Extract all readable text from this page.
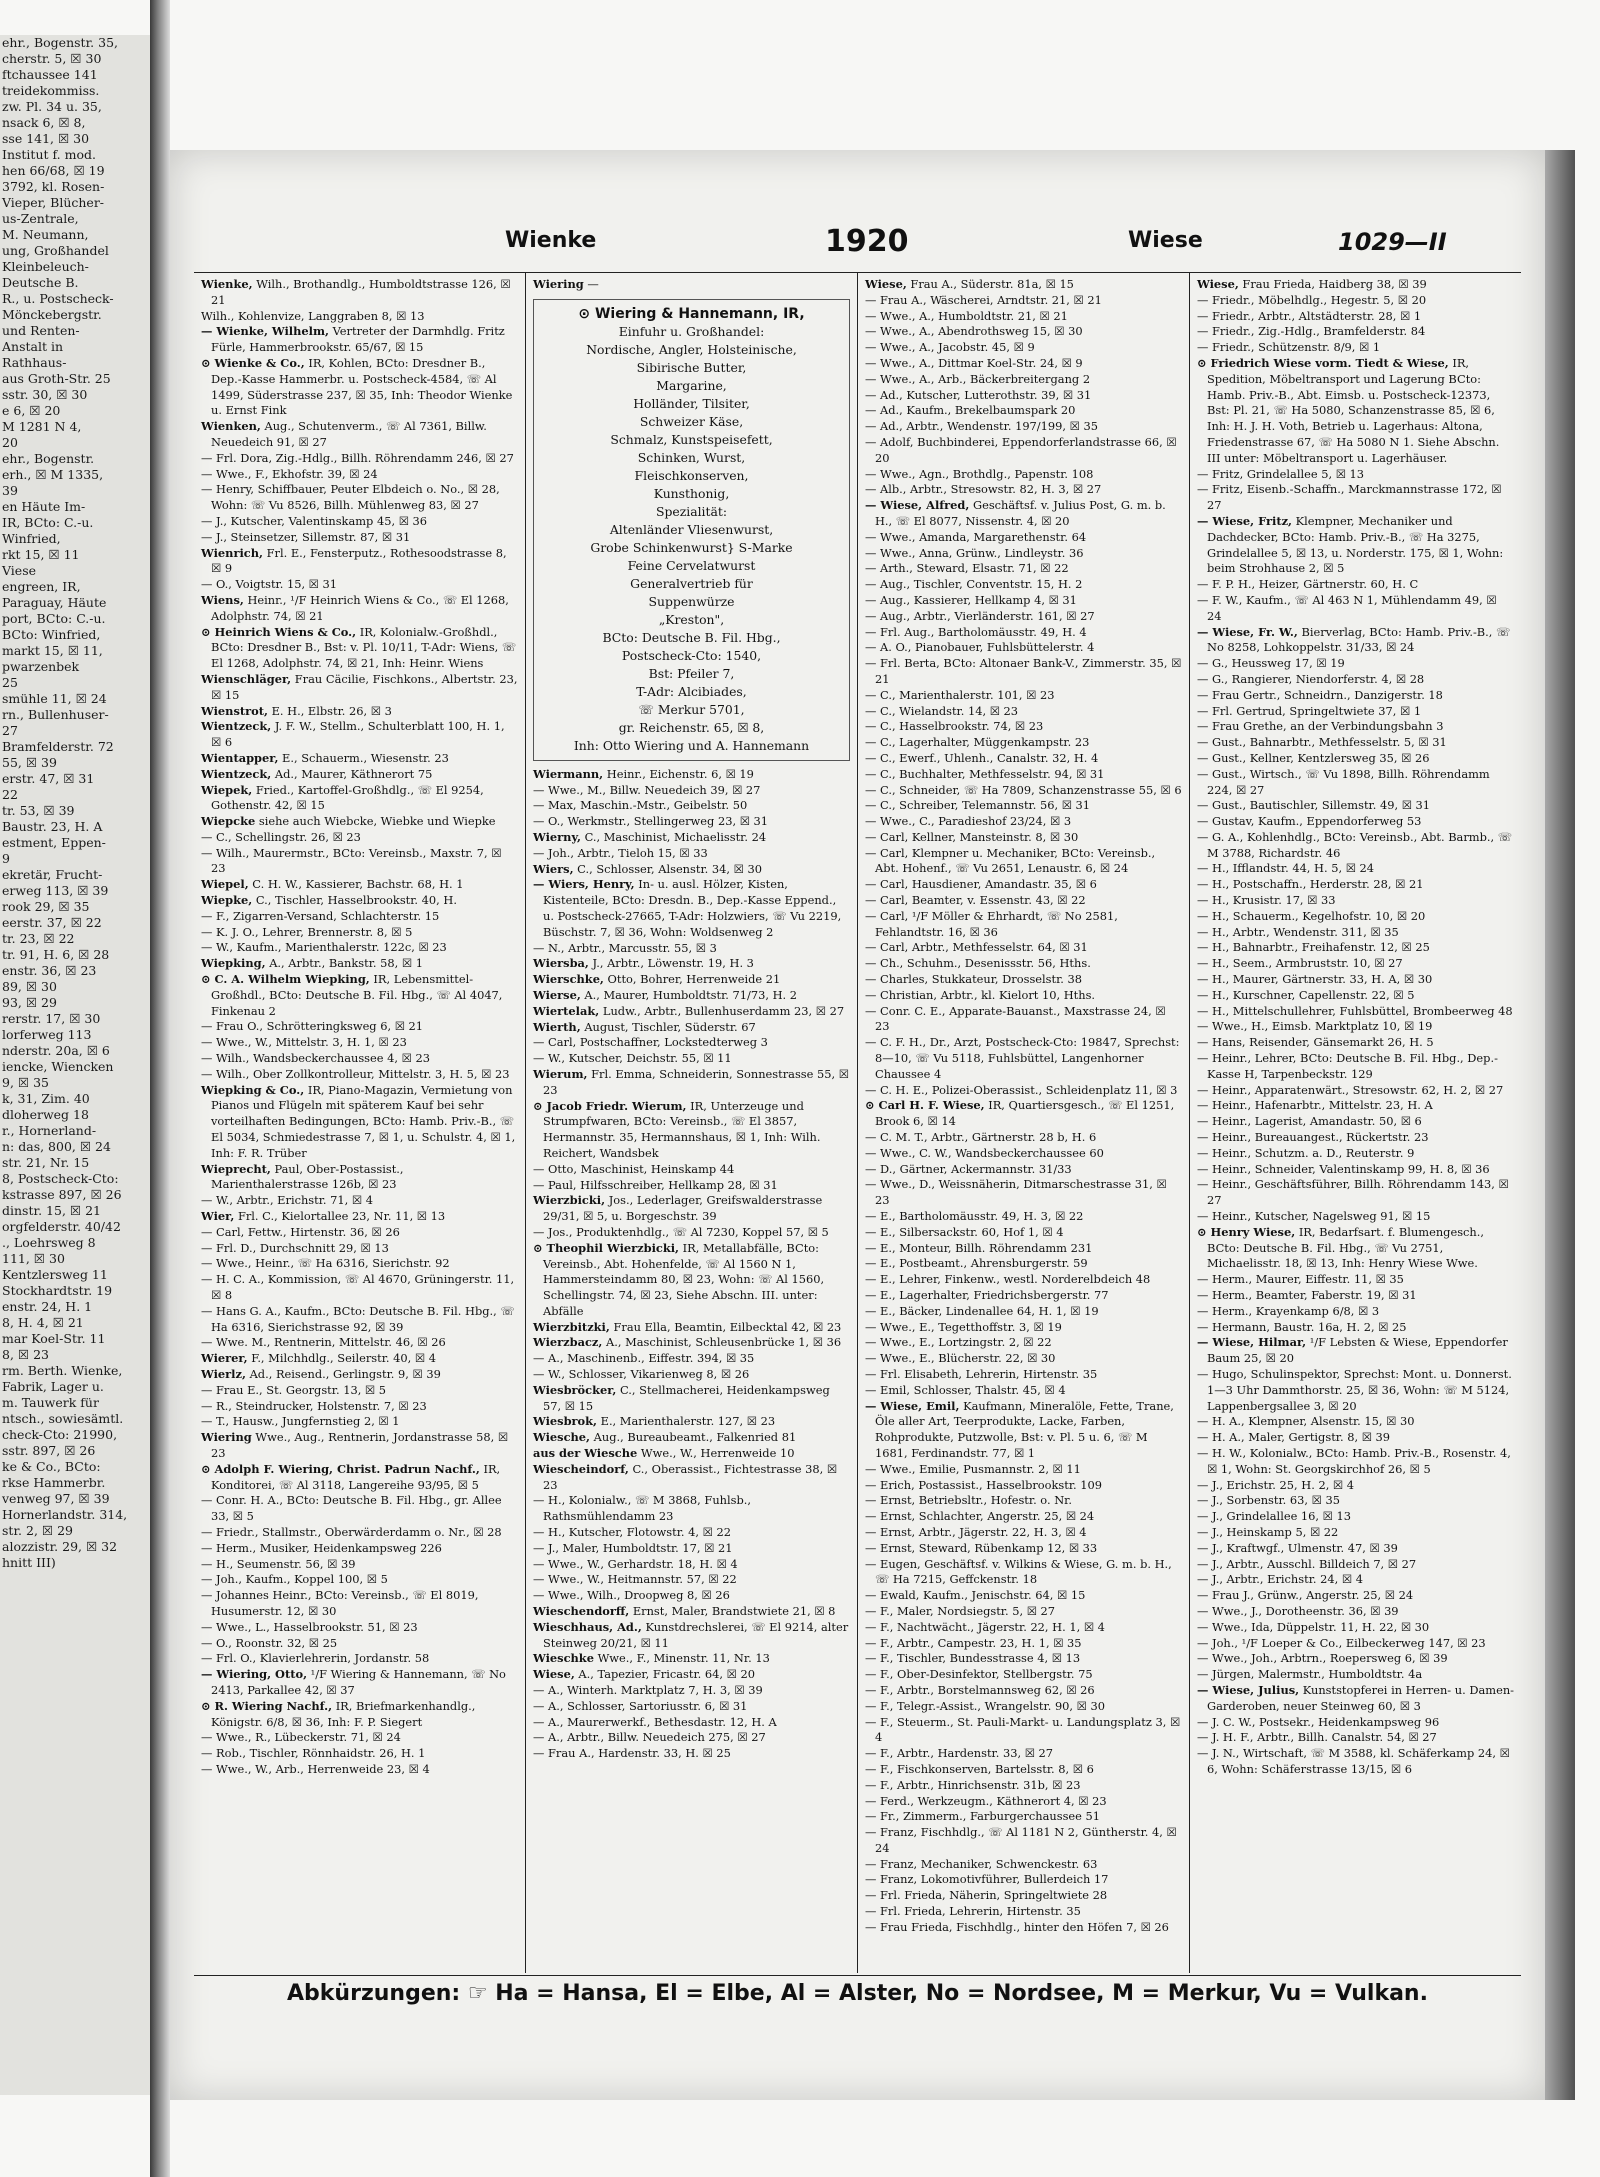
ehr., Bogenstr. 35,
cherstr. 5, ☒ 30
ftchaussee 141
treidekommiss.
zw. Pl. 34 u. 35,
nsack 6, ☒ 8,
sse 141, ☒ 30
Institut f. mod.
hen 66/68, ☒ 19
3792, kl. Rosen-
Vieper, Blücher-
us-Zentrale,
M. Neumann,
ung, Großhandel
Kleinbeleuch-
Deutsche B.
R., u. Postscheck-
Mönckebergstr.
und Renten-
Anstalt in
Rathhaus-
aus Groth-Str. 25
sstr. 30, ☒ 30
e 6, ☒ 20
M 1281 N 4,
20
ehr., Bogenstr.
erh., ☒ M 1335,
39
en Häute Im-
IR, BCto: C.-u.
Winfried,
rkt 15, ☒ 11
Viese
engreen, IR,
Paraguay, Häute
port, BCto: C.-u.
BCto: Winfried,
markt 15, ☒ 11,
pwarzenbek
25
smühle 11, ☒ 24
rn., Bullenhuser-
27
Bramfelderstr. 72
55, ☒ 39
erstr. 47, ☒ 31
22
tr. 53, ☒ 39
Baustr. 23, H. A
estment, Eppen-
9
ekretär, Frucht-
erweg 113, ☒ 39
rook 29, ☒ 35
eerstr. 37, ☒ 22
tr. 23, ☒ 22
tr. 91, H. 6, ☒ 28
enstr. 36, ☒ 23
89, ☒ 30
93, ☒ 29
rerstr. 17, ☒ 30
lorferweg 113
nderstr. 20a, ☒ 6
iencke, Wiencken
9, ☒ 35
k, 31, Zim. 40
dloherweg 18
r., Hornerland-
n: das, 800, ☒ 24
str. 21, Nr. 15
8, Postscheck-Cto:
kstrasse 897, ☒ 26
dinstr. 15, ☒ 21
orgfelderstr. 40/42
., Loehrsweg 8
111, ☒ 30
Kentzlersweg 11
Stockhardtstr. 19
enstr. 24, H. 1
8, H. 4, ☒ 21
mar Koel-Str. 11
8, ☒ 23
rm. Berth. Wienke,
Fabrik, Lager u.
m. Tauwerk für
ntsch., sowiesämtl.
check-Cto: 21990,
sstr. 897, ☒ 26
ke & Co., BCto:
rkse Hammerbr.
venweg 97, ☒ 39
Hornerlandstr. 314,
str. 2, ☒ 29
alozzistr. 29, ☒ 32
hnitt III)
Wienke	1920	Wiese	1029—II

Wienke, Wilh., Brothandlg., Humboldtstrasse 126, ☒ 21

Wilh., Kohlenvize, Langgraben 8, ☒ 13

— Wienke, Wilhelm, Vertreter der Darmhdlg. Fritz Fürle, Hammerbrookstr. 65/67, ☒ 15

⊙ Wienke & Co., IR, Kohlen, BCto: Dresdner B., Dep.-Kasse Hammerbr. u. Postscheck-4584, ☏ Al 1499, Süderstrasse 237, ☒ 35, Inh: Theodor Wienke u. Ernst Fink

Wienken, Aug., Schutenverm., ☏ Al 7361, Billw. Neuedeich 91, ☒ 27

— Frl. Dora, Zig.-Hdlg., Billh. Röhrendamm 246, ☒ 27

— Wwe., F., Ekhofstr. 39, ☒ 24

— Henry, Schiffbauer, Peuter Elbdeich o. No., ☒ 28, Wohn: ☏ Vu 8526, Billh. Mühlenweg 83, ☒ 27

— J., Kutscher, Valentinskamp 45, ☒ 36

— J., Steinsetzer, Sillemstr. 87, ☒ 31

Wienrich, Frl. E., Fensterputz., Rothesoodstrasse 8, ☒ 9

— O., Voigtstr. 15, ☒ 31

Wiens, Heinr., ¹/F Heinrich Wiens & Co., ☏ El 1268, Adolphstr. 74, ☒ 21

⊙ Heinrich Wiens & Co., IR, Kolonialw.-Großhdl., BCto: Dresdner B., Bst: v. Pl. 10/11, T-Adr: Wiens, ☏ El 1268, Adolphstr. 74, ☒ 21, Inh: Heinr. Wiens

Wienschläger, Frau Cäcilie, Fischkons., Albertstr. 23, ☒ 15

Wienstrot, E. H., Elbstr. 26, ☒ 3

Wientzeck, J. F. W., Stellm., Schulterblatt 100, H. 1, ☒ 6

Wientapper, E., Schauerm., Wiesenstr. 23

Wientzeck, Ad., Maurer, Käthnerort 75

Wiepek, Fried., Kartoffel-Großhdlg., ☏ El 9254, Gothenstr. 42, ☒ 15

Wiepcke siehe auch Wiebcke, Wiebke und Wiepke

— C., Schellingstr. 26, ☒ 23

— Wilh., Maurermstr., BCto: Vereinsb., Maxstr. 7, ☒ 23

Wiepel, C. H. W., Kassierer, Bachstr. 68, H. 1

Wiepke, C., Tischler, Hasselbrookstr. 40, H.

— F., Zigarren-Versand, Schlachterstr. 15

— K. J. O., Lehrer, Brennerstr. 8, ☒ 5

— W., Kaufm., Marienthalerstr. 122c, ☒ 23

Wiepking, A., Arbtr., Bankstr. 58, ☒ 1

⊙ C. A. Wilhelm Wiepking, IR, Lebensmittel-Großhdl., BCto: Deutsche B. Fil. Hbg., ☏ Al 4047, Finkenau 2

— Frau O., Schrötteringksweg 6, ☒ 21

— Wwe., W., Mittelstr. 3, H. 1, ☒ 23

— Wilh., Wandsbeckerchaussee 4, ☒ 23

— Wilh., Ober Zollkontrolleur, Mittelstr. 3, H. 5, ☒ 23

Wiepking & Co., IR, Piano-Magazin, Vermietung von Pianos und Flügeln mit späterem Kauf bei sehr vorteilhaften Bedingungen, BCto: Hamb. Priv.-B., ☏ El 5034, Schmiedestrasse 7, ☒ 1, u. Schulstr. 4, ☒ 1, Inh: F. R. Trüber

Wieprecht, Paul, Ober-Postassist., Marienthalerstrasse 126b, ☒ 23

— W., Arbtr., Erichstr. 71, ☒ 4

Wier, Frl. C., Kielortallee 23, Nr. 11, ☒ 13

— Carl, Fettw., Hirtenstr. 36, ☒ 26

— Frl. D., Durchschnitt 29, ☒ 13

— Wwe., Heinr., ☏ Ha 6316, Sierichstr. 92

— H. C. A., Kommission, ☏ Al 4670, Grüningerstr. 11, ☒ 8

— Hans G. A., Kaufm., BCto: Deutsche B. Fil. Hbg., ☏ Ha 6316, Sierichstrasse 92, ☒ 39

— Wwe. M., Rentnerin, Mittelstr. 46, ☒ 26

Wierer, F., Milchhdlg., Seilerstr. 40, ☒ 4

Wierlz, Ad., Reisend., Gerlingstr. 9, ☒ 39

— Frau E., St. Georgstr. 13, ☒ 5

— R., Steindrucker, Holstenstr. 7, ☒ 23

— T., Hausw., Jungfernstieg 2, ☒ 1

Wiering Wwe., Aug., Rentnerin, Jordanstrasse 58, ☒ 23

⊙ Adolph F. Wiering, Christ. Padrun Nachf., IR, Konditorei, ☏ Al 3118, Langereihe 93/95, ☒ 5

— Conr. H. A., BCto: Deutsche B. Fil. Hbg., gr. Allee 33, ☒ 5

— Friedr., Stallmstr., Oberwärderdamm o. Nr., ☒ 28

— Herm., Musiker, Heidenkampsweg 226

— H., Seumenstr. 56, ☒ 39

— Joh., Kaufm., Koppel 100, ☒ 5

— Johannes Heinr., BCto: Vereinsb., ☏ El 8019, Husumerstr. 12, ☒ 30

— Wwe., L., Hasselbrookstr. 51, ☒ 23

— O., Roonstr. 32, ☒ 25

— Frl. O., Klavierlehrerin, Jordanstr. 58

— Wiering, Otto, ¹/F Wiering & Hannemann, ☏ No 2413, Parkallee 42, ☒ 37

⊙ R. Wiering Nachf., IR, Briefmarkenhandlg., Königstr. 6/8, ☒ 36, Inh: F. P. Siegert

— Wwe., R., Lübeckerstr. 71, ☒ 24

— Rob., Tischler, Rönnhaidstr. 26, H. 1

— Wwe., W., Arb., Herrenweide 23, ☒ 4

Wiering —

⊙ Wiering & Hannemann, IR,
Einfuhr u. Großhandel:
Nordische, Angler, Holsteinische,
Sibirische Butter,
Margarine,
Holländer, Tilsiter,
Schweizer Käse,
Schmalz, Kunstspeisefett,
Schinken, Wurst,
Fleischkonserven,
Kunsthonig,
Spezialität:
Altenländer Vliesenwurst,
Grobe Schinkenwurst} S-Marke
Feine Cervelatwurst
Generalvertrieb für
Suppenwürze
„Kreston",
BCto: Deutsche B. Fil. Hbg.,
Postscheck-Cto: 1540,
Bst: Pfeiler 7,
T-Adr: Alcibiades,
☏ Merkur 5701,
gr. Reichenstr. 65, ☒ 8,
Inh: Otto Wiering und A. Hannemann

Wiermann, Heinr., Eichenstr. 6, ☒ 19

— Wwe., M., Billw. Neuedeich 39, ☒ 27

— Max, Maschin.-Mstr., Geibelstr. 50

— O., Werkmstr., Stellingerweg 23, ☒ 31

Wierny, C., Maschinist, Michaelisstr. 24

— Joh., Arbtr., Tieloh 15, ☒ 33

Wiers, C., Schlosser, Alsenstr. 34, ☒ 30

— Wiers, Henry, In- u. ausl. Hölzer, Kisten, Kistenteile, BCto: Dresdn. B., Dep.-Kasse Eppend., u. Postscheck-27665, T-Adr: Holzwiers, ☏ Vu 2219, Büschstr. 7, ☒ 36, Wohn: Woldsenweg 2

— N., Arbtr., Marcusstr. 55, ☒ 3

Wiersba, J., Arbtr., Löwenstr. 19, H. 3

Wierschke, Otto, Bohrer, Herrenweide 21

Wierse, A., Maurer, Humboldtstr. 71/73, H. 2

Wiertelak, Ludw., Arbtr., Bullenhuserdamm 23, ☒ 27

Wierth, August, Tischler, Süderstr. 67

— Carl, Postschaffner, Lockstedterweg 3

— W., Kutscher, Deichstr. 55, ☒ 11

Wierum, Frl. Emma, Schneiderin, Sonnestrasse 55, ☒ 23

⊙ Jacob Friedr. Wierum, IR, Unterzeuge und Strumpfwaren, BCto: Vereinsb., ☏ El 3857, Hermannstr. 35, Hermannshaus, ☒ 1, Inh: Wilh. Reichert, Wandsbek

— Otto, Maschinist, Heinskamp 44

— Paul, Hilfsschreiber, Hellkamp 28, ☒ 31

Wierzbicki, Jos., Lederlager, Greifswalderstrasse 29/31, ☒ 5, u. Borgeschstr. 39

— Jos., Produktenhdlg., ☏ Al 7230, Koppel 57, ☒ 5

⊙ Theophil Wierzbicki, IR, Metallabfälle, BCto: Vereinsb., Abt. Hohenfelde, ☏ Al 1560 N 1, Hammersteindamm 80, ☒ 23, Wohn: ☏ Al 1560, Schellingstr. 74, ☒ 23, Siehe Abschn. III. unter: Abfälle

Wierzbitzki, Frau Ella, Beamtin, Eilbecktal 42, ☒ 23

Wierzbacz, A., Maschinist, Schleusenbrücke 1, ☒ 36

— A., Maschinenb., Eiffestr. 394, ☒ 35

— W., Schlosser, Vikarienweg 8, ☒ 26

Wiesbröcker, C., Stellmacherei, Heidenkampsweg 57, ☒ 15

Wiesbrok, E., Marienthalerstr. 127, ☒ 23

Wiesche, Aug., Bureaubeamt., Falkenried 81

aus der Wiesche Wwe., W., Herrenweide 10

Wiescheindorf, C., Oberassist., Fichtestrasse 38, ☒ 23

— H., Kolonialw., ☏ M 3868, Fuhlsb., Rathsmühlendamm 23

— H., Kutscher, Flotowstr. 4, ☒ 22

— J., Maler, Humboldtstr. 17, ☒ 21

— Wwe., W., Gerhardstr. 18, H. ☒ 4

— Wwe., W., Heitmannstr. 57, ☒ 22

— Wwe., Wilh., Droopweg 8, ☒ 26

Wieschendorff, Ernst, Maler, Brandstwiete 21, ☒ 8

Wieschhaus, Ad., Kunstdrechslerei, ☏ El 9214, alter Steinweg 20/21, ☒ 11

Wieschke Wwe., F., Minenstr. 11, Nr. 13

Wiese, A., Tapezier, Fricastr. 64, ☒ 20

— A., Winterh. Marktplatz 7, H. 3, ☒ 39

— A., Schlosser, Sartoriusstr. 6, ☒ 31

— A., Maurerwerkf., Bethesdastr. 12, H. A

— A., Arbtr., Billw. Neuedeich 275, ☒ 27

— Frau A., Hardenstr. 33, H. ☒ 25

Wiese, Frau A., Süderstr. 81a, ☒ 15

— Frau A., Wäscherei, Arndtstr. 21, ☒ 21

— Wwe., A., Humboldtstr. 21, ☒ 21

— Wwe., A., Abendrothsweg 15, ☒ 30

— Wwe., A., Jacobstr. 45, ☒ 9

— Wwe., A., Dittmar Koel-Str. 24, ☒ 9

— Wwe., A., Arb., Bäckerbreitergang 2

— Ad., Kutscher, Lutterothstr. 39, ☒ 31

— Ad., Kaufm., Brekelbaumspark 20

— Ad., Arbtr., Wendenstr. 197/199, ☒ 35

— Adolf, Buchbinderei, Eppendorferlandstrasse 66, ☒ 20

— Wwe., Agn., Brothdlg., Papenstr. 108

— Alb., Arbtr., Stresowstr. 82, H. 3, ☒ 27

— Wiese, Alfred, Geschäftsf. v. Julius Post, G. m. b. H., ☏ El 8077, Nissenstr. 4, ☒ 20

— Wwe., Amanda, Margarethenstr. 64

— Wwe., Anna, Grünw., Lindleystr. 36

— Arth., Steward, Elsastr. 71, ☒ 22

— Aug., Tischler, Conventstr. 15, H. 2

— Aug., Kassierer, Hellkamp 4, ☒ 31

— Aug., Arbtr., Vierländerstr. 161, ☒ 27

— Frl. Aug., Bartholomäusstr. 49, H. 4

— A. O., Pianobauer, Fuhlsbüttelerstr. 4

— Frl. Berta, BCto: Altonaer Bank-V., Zimmerstr. 35, ☒ 21

— C., Marienthalerstr. 101, ☒ 23

— C., Wielandstr. 14, ☒ 23

— C., Hasselbrookstr. 74, ☒ 23

— C., Lagerhalter, Müggenkampstr. 23

— C., Ewerf., Uhlenh., Canalstr. 32, H. 4

— C., Buchhalter, Methfesselstr. 94, ☒ 31

— C., Schneider, ☏ Ha 7809, Schanzenstrasse 55, ☒ 6

— C., Schreiber, Telemannstr. 56, ☒ 31

— Wwe., C., Paradieshof 23/24, ☒ 3

— Carl, Kellner, Mansteinstr. 8, ☒ 30

— Carl, Klempner u. Mechaniker, BCto: Vereinsb., Abt. Hohenf., ☏ Vu 2651, Lenaustr. 6, ☒ 24

— Carl, Hausdiener, Amandastr. 35, ☒ 6

— Carl, Beamter, v. Essenstr. 43, ☒ 22

— Carl, ¹/F Möller & Ehrhardt, ☏ No 2581, Fehlandtstr. 16, ☒ 36

— Carl, Arbtr., Methfesselstr. 64, ☒ 31

— Ch., Schuhm., Desenissstr. 56, Hths.

— Charles, Stukkateur, Drosselstr. 38

— Christian, Arbtr., kl. Kielort 10, Hths.

— Conr. C. E., Apparate-Bauanst., Maxstrasse 24, ☒ 23

— C. F. H., Dr., Arzt, Postscheck-Cto: 19847, Sprechst: 8—10, ☏ Vu 5118, Fuhlsbüttel, Langenhorner Chaussee 4

— C. H. E., Polizei-Oberassist., Schleidenplatz 11, ☒ 3

⊙ Carl H. F. Wiese, IR, Quartiersgesch., ☏ El 1251, Brook 6, ☒ 14

— C. M. T., Arbtr., Gärtnerstr. 28 b, H. 6

— Wwe., C. W., Wandsbeckerchaussee 60

— D., Gärtner, Ackermannstr. 31/33

— Wwe., D., Weissnäherin, Ditmarschestrasse 31, ☒ 23

— E., Bartholomäusstr. 49, H. 3, ☒ 22

— E., Silbersackstr. 60, Hof 1, ☒ 4

— E., Monteur, Billh. Röhrendamm 231

— E., Postbeamt., Ahrensburgerstr. 59

— E., Lehrer, Finkenw., westl. Norderelbdeich 48

— E., Lagerhalter, Friedrichsbergerstr. 77

— E., Bäcker, Lindenallee 64, H. 1, ☒ 19

— Wwe., E., Tegetthoffstr. 3, ☒ 19

— Wwe., E., Lortzingstr. 2, ☒ 22

— Wwe., E., Blücherstr. 22, ☒ 30

— Frl. Elisabeth, Lehrerin, Hirtenstr. 35

— Emil, Schlosser, Thalstr. 45, ☒ 4

— Wiese, Emil, Kaufmann, Mineralöle, Fette, Trane, Öle aller Art, Teerprodukte, Lacke, Farben, Rohprodukte, Putzwolle, Bst: v. Pl. 5 u. 6, ☏ M 1681, Ferdinandstr. 77, ☒ 1

— Wwe., Emilie, Pusmannstr. 2, ☒ 11

— Erich, Postassist., Hasselbrookstr. 109

— Ernst, Betriebsltr., Hofestr. o. Nr.

— Ernst, Schlachter, Angerstr. 25, ☒ 24

— Ernst, Arbtr., Jägerstr. 22, H. 3, ☒ 4

— Ernst, Steward, Rübenkamp 12, ☒ 33

— Eugen, Geschäftsf. v. Wilkins & Wiese, G. m. b. H., ☏ Ha 7215, Geffckenstr. 18

— Ewald, Kaufm., Jenischstr. 64, ☒ 15

— F., Maler, Nordsiegstr. 5, ☒ 27

— F., Nachtwächt., Jägerstr. 22, H. 1, ☒ 4

— F., Arbtr., Campestr. 23, H. 1, ☒ 35

— F., Tischler, Bundesstrasse 4, ☒ 13

— F., Ober-Desinfektor, Stellbergstr. 75

— F., Arbtr., Borstelmannsweg 62, ☒ 26

— F., Telegr.-Assist., Wrangelstr. 90, ☒ 30

— F., Steuerm., St. Pauli-Markt- u. Landungsplatz 3, ☒ 4

— F., Arbtr., Hardenstr. 33, ☒ 27

— F., Fischkonserven, Bartelsstr. 8, ☒ 6

— F., Arbtr., Hinrichsenstr. 31b, ☒ 23

— Ferd., Werkzeugm., Käthnerort 4, ☒ 23

— Fr., Zimmerm., Farburgerchaussee 51

— Franz, Fischhdlg., ☏ Al 1181 N 2, Güntherstr. 4, ☒ 24

— Franz, Mechaniker, Schwenckestr. 63

— Franz, Lokomotivführer, Bullerdeich 17

— Frl. Frieda, Näherin, Springeltwiete 28

— Frl. Frieda, Lehrerin, Hirtenstr. 35

— Frau Frieda, Fischhdlg., hinter den Höfen 7, ☒ 26

Wiese, Frau Frieda, Haidberg 38, ☒ 39

— Friedr., Möbelhdlg., Hegestr. 5, ☒ 20

— Friedr., Arbtr., Altstädterstr. 28, ☒ 1

— Friedr., Zig.-Hdlg., Bramfelderstr. 84

— Friedr., Schützenstr. 8/9, ☒ 1

⊙ Friedrich Wiese vorm. Tiedt & Wiese, IR, Spedition, Möbeltransport und Lagerung BCto: Hamb. Priv.-B., Abt. Eimsb. u. Postscheck-12373, Bst: Pl. 21, ☏ Ha 5080, Schanzenstrasse 85, ☒ 6, Inh: H. J. H. Voth, Betrieb u. Lagerhaus: Altona, Friedenstrasse 67, ☏ Ha 5080 N 1. Siehe Abschn. III unter: Möbeltransport u. Lagerhäuser.

— Fritz, Grindelallee 5, ☒ 13

— Fritz, Eisenb.-Schaffn., Marckmannstrasse 172, ☒ 27

— Wiese, Fritz, Klempner, Mechaniker und Dachdecker, BCto: Hamb. Priv.-B., ☏ Ha 3275, Grindelallee 5, ☒ 13, u. Norderstr. 175, ☒ 1, Wohn: beim Strohhause 2, ☒ 5

— F. P. H., Heizer, Gärtnerstr. 60, H. C

— F. W., Kaufm., ☏ Al 463 N 1, Mühlendamm 49, ☒ 24

— Wiese, Fr. W., Bierverlag, BCto: Hamb. Priv.-B., ☏ No 8258, Lohkoppelstr. 31/33, ☒ 24

— G., Heussweg 17, ☒ 19

— G., Rangierer, Niendorferstr. 4, ☒ 28

— Frau Gertr., Schneidrn., Danzigerstr. 18

— Frl. Gertrud, Springeltwiete 37, ☒ 1

— Frau Grethe, an der Verbindungsbahn 3

— Gust., Bahnarbtr., Methfesselstr. 5, ☒ 31

— Gust., Kellner, Kentzlersweg 35, ☒ 26

— Gust., Wirtsch., ☏ Vu 1898, Billh. Röhrendamm 224, ☒ 27

— Gust., Bautischler, Sillemstr. 49, ☒ 31

— Gustav, Kaufm., Eppendorferweg 53

— G. A., Kohlenhdlg., BCto: Vereinsb., Abt. Barmb., ☏ M 3788, Richardstr. 46

— H., Ifflandstr. 44, H. 5, ☒ 24

— H., Postschaffn., Herderstr. 28, ☒ 21

— H., Krusistr. 17, ☒ 33

— H., Schauerm., Kegelhofstr. 10, ☒ 20

— H., Arbtr., Wendenstr. 311, ☒ 35

— H., Bahnarbtr., Freihafenstr. 12, ☒ 25

— H., Seem., Armbruststr. 10, ☒ 27

— H., Maurer, Gärtnerstr. 33, H. A, ☒ 30

— H., Kurschner, Capellenstr. 22, ☒ 5

— H., Mittelschullehrer, Fuhlsbüttel, Brombeerweg 48

— Wwe., H., Eimsb. Marktplatz 10, ☒ 19

— Hans, Reisender, Gänsemarkt 26, H. 5

— Heinr., Lehrer, BCto: Deutsche B. Fil. Hbg., Dep.-Kasse H, Tarpenbeckstr. 129

— Heinr., Apparatenwärt., Stresowstr. 62, H. 2, ☒ 27

— Heinr., Hafenarbtr., Mittelstr. 23, H. A

— Heinr., Lagerist, Amandastr. 50, ☒ 6

— Heinr., Bureauangest., Rückertstr. 23

— Heinr., Schutzm. a. D., Reuterstr. 9

— Heinr., Schneider, Valentinskamp 99, H. 8, ☒ 36

— Heinr., Geschäftsführer, Billh. Röhrendamm 143, ☒ 27

— Heinr., Kutscher, Nagelsweg 91, ☒ 15

⊙ Henry Wiese, IR, Bedarfsart. f. Blumengesch., BCto: Deutsche B. Fil. Hbg., ☏ Vu 2751, Michaelisstr. 18, ☒ 13, Inh: Henry Wiese Wwe.

— Herm., Maurer, Eiffestr. 11, ☒ 35

— Herm., Beamter, Faberstr. 19, ☒ 31

— Herm., Krayenkamp 6/8, ☒ 3

— Hermann, Baustr. 16a, H. 2, ☒ 25

— Wiese, Hilmar, ¹/F Lebsten & Wiese, Eppendorfer Baum 25, ☒ 20

— Hugo, Schulinspektor, Sprechst: Mont. u. Donnerst. 1—3 Uhr Dammthorstr. 25, ☒ 36, Wohn: ☏ M 5124, Lappenbergsallee 3, ☒ 20

— H. A., Klempner, Alsenstr. 15, ☒ 30

— H. A., Maler, Gertigstr. 8, ☒ 39

— H. W., Kolonialw., BCto: Hamb. Priv.-B., Rosenstr. 4, ☒ 1, Wohn: St. Georgskirchhof 26, ☒ 5

— J., Erichstr. 25, H. 2, ☒ 4

— J., Sorbenstr. 63, ☒ 35

— J., Grindelallee 16, ☒ 13

— J., Heinskamp 5, ☒ 22

— J., Kraftwgf., Ulmenstr. 47, ☒ 39

— J., Arbtr., Ausschl. Billdeich 7, ☒ 27

— J., Arbtr., Erichstr. 24, ☒ 4

— Frau J., Grünw., Angerstr. 25, ☒ 24

— Wwe., J., Dorotheenstr. 36, ☒ 39

— Wwe., Ida, Düppelstr. 11, H. 22, ☒ 30

— Joh., ¹/F Loeper & Co., Eilbeckerweg 147, ☒ 23

— Wwe., Joh., Arbtrn., Roepersweg 6, ☒ 39

— Jürgen, Malermstr., Humboldtstr. 4a

— Wiese, Julius, Kunststopferei in Herren- u. Damen-Garderoben, neuer Steinweg 60, ☒ 3

— J. C. W., Postsekr., Heidenkampsweg 96

— J. H. F., Arbtr., Billh. Canalstr. 54, ☒ 27

— J. N., Wirtschaft, ☏ M 3588, kl. Schäferkamp 24, ☒ 6, Wohn: Schäferstrasse 13/15, ☒ 6

Abkürzungen: ☞ Ha = Hansa, El = Elbe, Al = Alster, No = Nordsee, M = Merkur, Vu = Vulkan.
